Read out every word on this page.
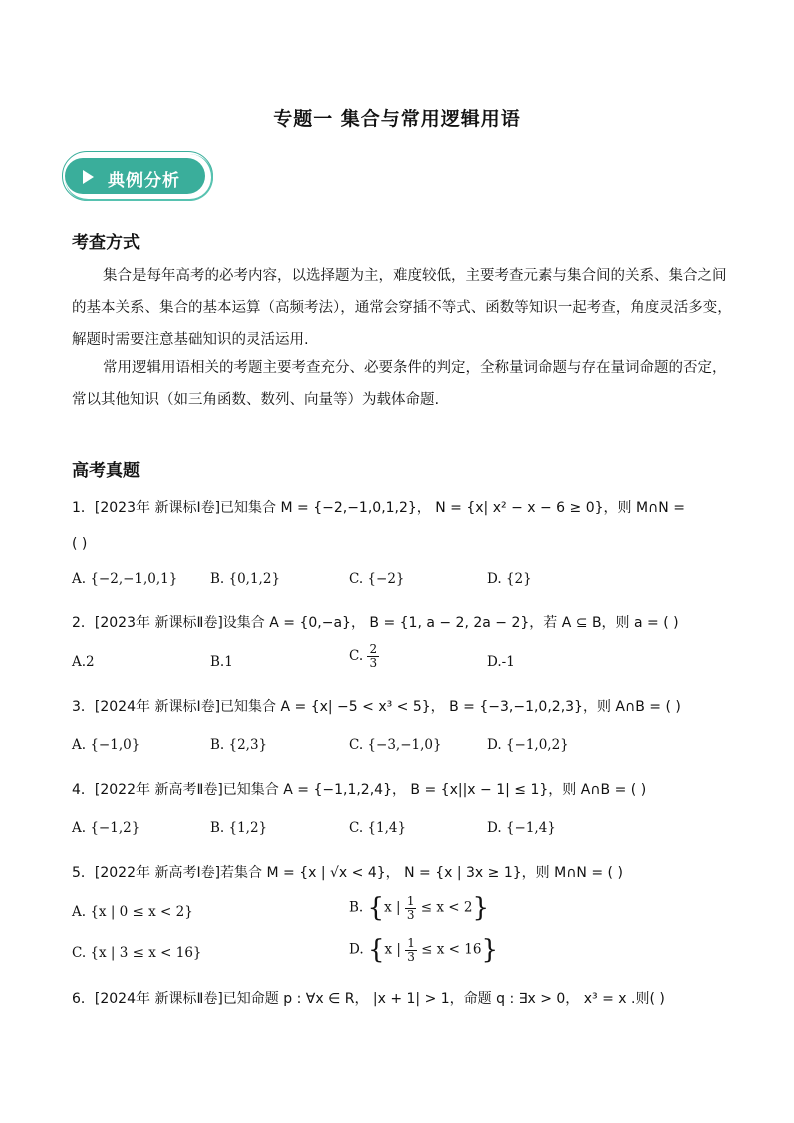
专题一 集合与常用逻辑用语
典例分析
考查方式
集合是每年高考的必考内容，以选择题为主，难度较低，主要考查元素与集合间的关系、集合之间的基本关系、集合的基本运算（高频考法），通常会穿插不等式、函数等知识一起考查，角度灵活多变，解题时需要注意基础知识的灵活运用.
常用逻辑用语相关的考题主要考查充分、必要条件的判定，全称量词命题与存在量词命题的否定，常以其他知识（如三角函数、数列、向量等）为载体命题.
高考真题
1．[2023年 新课标Ⅰ卷]已知集合 M = {−2,−1,0,1,2}， N = {x| x² − x − 6 ≥ 0}，则 M∩N =
( )
A. {−2,−1,0,1} B. {0,1,2}	C. {−2}	D. {2}
2．[2023年 新课标Ⅱ卷]设集合 A = {0,−a}， B = {1, a − 2, 2a − 2}，若 A ⊆ B，则 a = ( )
A.2	B.1	C. $\frac{2}{3}$	D.-1
3．[2024年 新课标Ⅰ卷]已知集合 A = {x| −5 < x³ < 5}， B = {−3,−1,0,2,3}，则 A∩B = ( )
A. {−1,0}	B. {2,3}	C. {−3,−1,0}	D. {−1,0,2}
4．[2022年 新高考Ⅱ卷]已知集合 A = {−1,1,2,4}， B = {x||x − 1| ≤ 1}，则 A∩B = ( )
A. {−1,2}	B. {1,2}	C. {1,4}	D. {−1,4}
5．[2022年 新高考Ⅰ卷]若集合 M = {x | √x < 4}， N = {x | 3x ≥ 1}，则 M∩N = ( )
A. {x | 0 ≤ x < 2}	B. {x | $\frac{1}{3} \le x < 2$}
C. {x | 3 ≤ x < 16}	D. {x | $\frac{1}{3} \le x < 16$}
6．[2024年 新课标Ⅱ卷]已知命题 p : ∀x ∈ R， |x + 1| > 1，命题 q : ∃x > 0， x³ = x .则( )
